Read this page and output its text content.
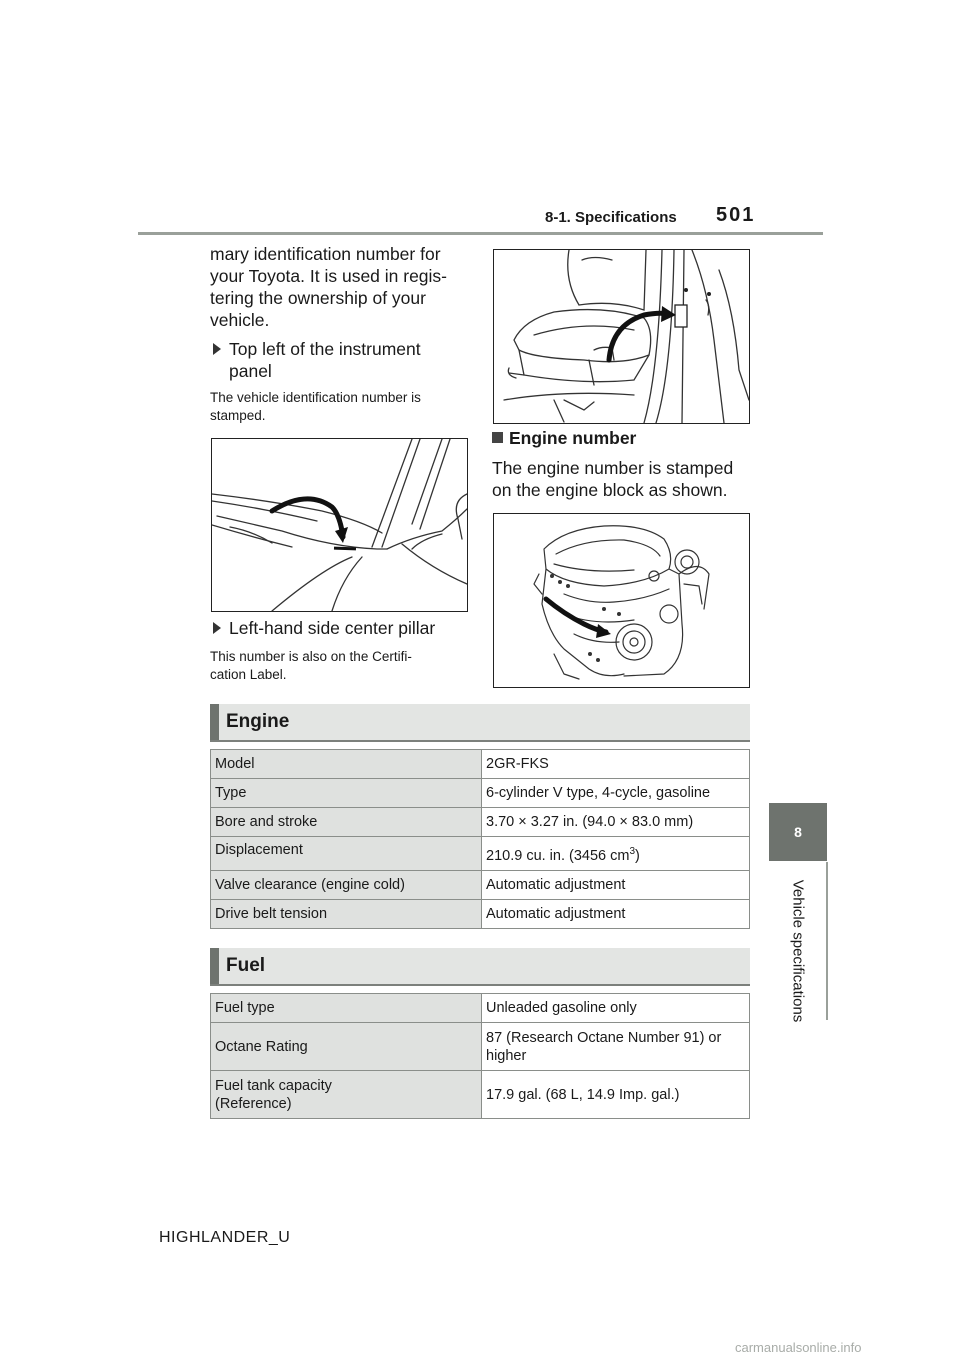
8-1. Specifications 501
8
Vehicle specifications
mary identification number for
your Toyota. It is used in regis-
tering the ownership of your
vehicle.
Top left of the instrument
panel
The vehicle identification number is
stamped.
Left-hand side center pillar
This number is also on the Certifi-
cation Label.
Engine number
The engine number is stamped
on the engine block as shown.
Engine
Model	2GR-FKS
Type	6-cylinder V type, 4-cycle, gasoline
Bore and stroke	3.70 × 3.27 in. (94.0 × 83.0 mm)
Displacement	210.9 cu. in. (3456 $cm^3$)
Valve clearance (engine cold)	Automatic adjustment
Drive belt tension	Automatic adjustment
Fuel
Fuel type	Unleaded gasoline only
Octane Rating	87 (Research Octane Number 91) or
higher

Fuel tank capacity
(Reference)	17.9 gal. (68 L, 14.9 Imp. gal.)
HIGHLANDER_U
carmanualsonline.info
